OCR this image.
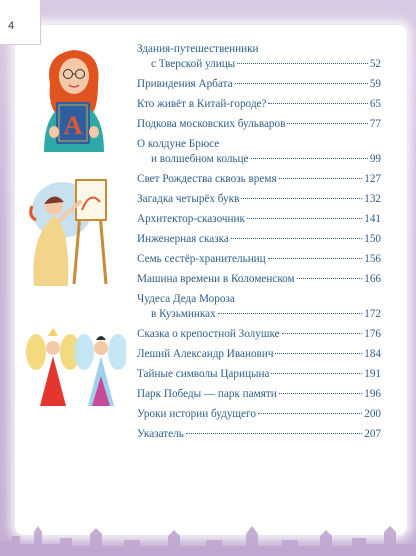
4
A
Здания-путешественники
с Тверской улицы	52
Привидения Арбата	59
Кто живёт в Китай-городе?	65
Подкова московских бульваров	77
О колдуне Брюсе
и волшебном кольце	99
Свет Рождества сквозь время	127
Загадка четырёх букв	132
Архитектор-сказочник	141
Инженерная сказка	150
Семь сестёр-хранительниц	156
Машина времени в Коломенском	166
Чудеса Деда Мороза
в Кузьминках	172
Сказка о крепостной Золушке	176
Леший Александр Иванович	184
Тайные символы Царицына	191
Парк Победы — парк памяти	196
Уроки истории будущего	200
Указатель	207
